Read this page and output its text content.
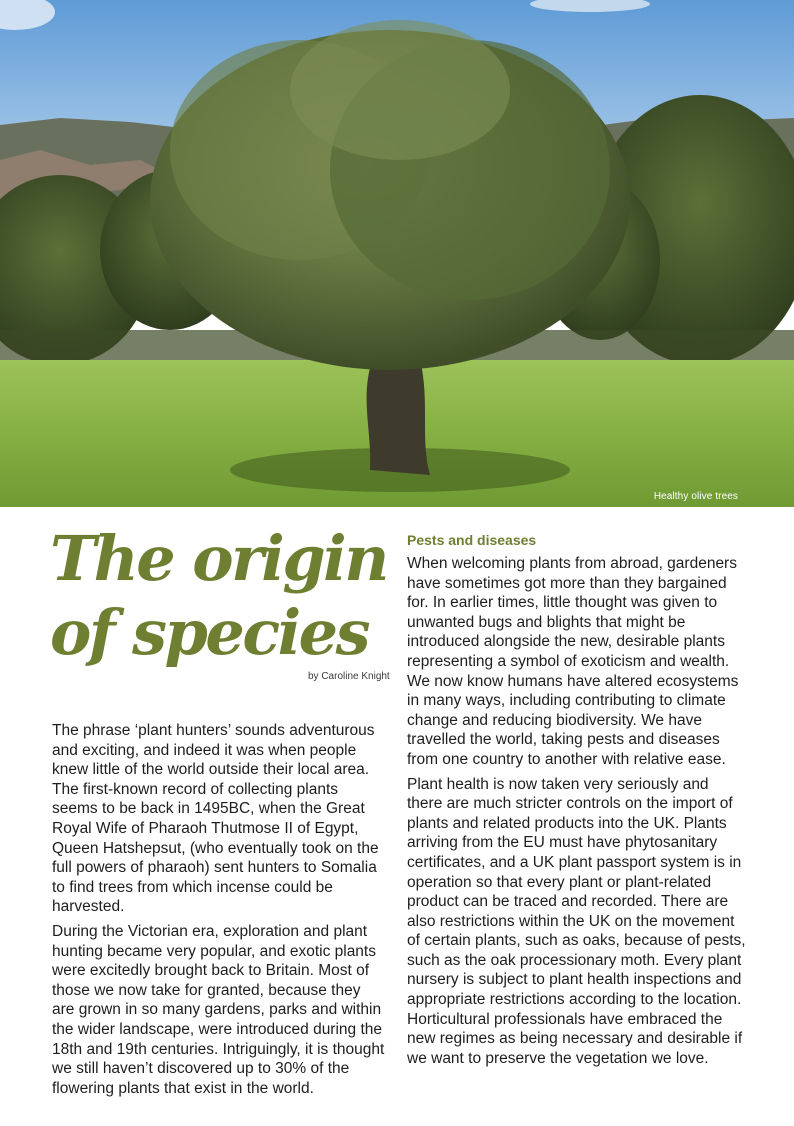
Healthy olive trees
The origin
of species
by Caroline Knight

The phrase ‘plant hunters’ sounds adventurous and exciting, and indeed it was when people knew little of the world outside their local area. The first-known record of collecting plants seems to be back in 1495BC, when the Great Royal Wife of Pharaoh Thutmose II of Egypt, Queen Hatshepsut, (who eventually took on the full powers of pharaoh) sent hunters to Somalia to find trees from which incense could be harvested.

During the Victorian era, exploration and plant hunting became very popular, and exotic plants were excitedly brought back to Britain. Most of those we now take for granted, because they are grown in so many gardens, parks and within the wider landscape, were introduced during the 18th and 19th centuries. Intriguingly, it is thought we still haven’t discovered up to 30% of the flowering plants that exist in the world.

Pests and diseases

When welcoming plants from abroad, gardeners have sometimes got more than they bargained for. In earlier times, little thought was given to unwanted bugs and blights that might be introduced alongside the new, desirable plants representing a symbol of exoticism and wealth. We now know humans have altered ecosystems in many ways, including contributing to climate change and reducing biodiversity. We have travelled the world, taking pests and diseases from one country to another with relative ease.

Plant health is now taken very seriously and there are much stricter controls on the import of plants and related products into the UK. Plants arriving from the EU must have phytosanitary certificates, and a UK plant passport system is in operation so that every plant or plant-related product can be traced and recorded. There are also restrictions within the UK on the movement of certain plants, such as oaks, because of pests, such as the oak processionary moth. Every plant nursery is subject to plant health inspections and appropriate restrictions according to the location. Horticultural professionals have embraced the new regimes as being necessary and desirable if we want to preserve the vegetation we love.
